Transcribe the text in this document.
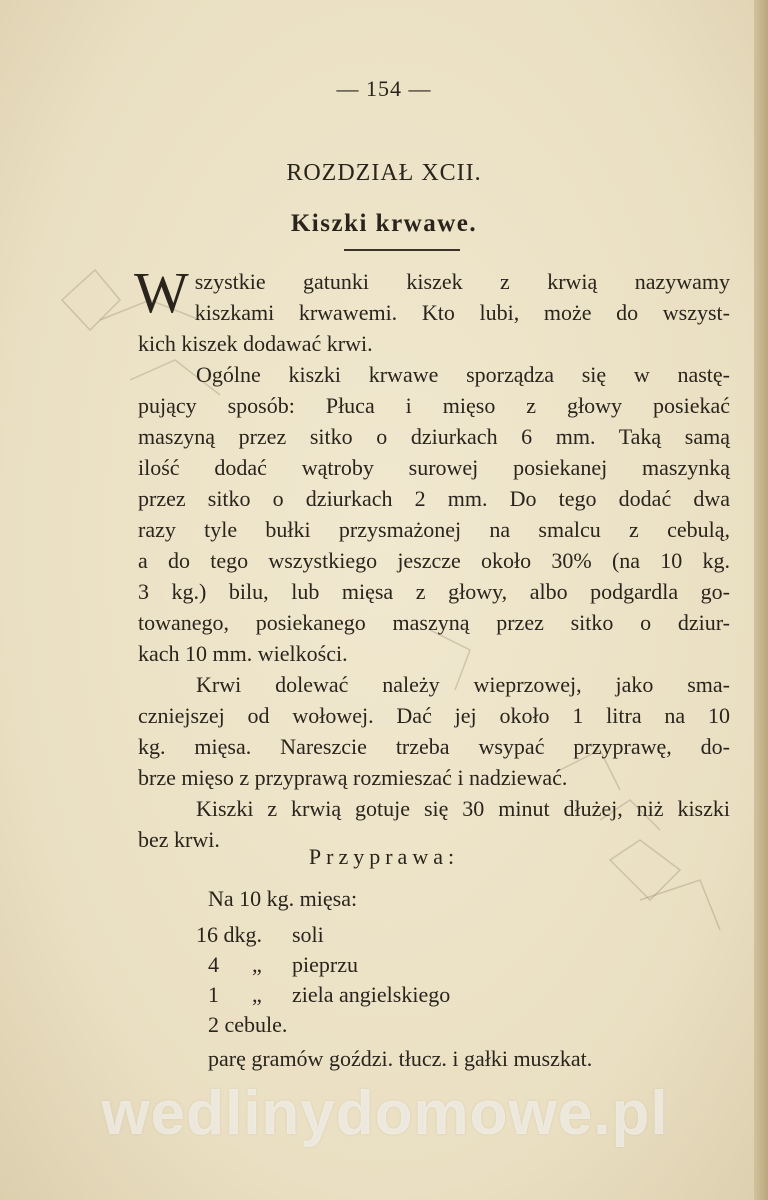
— 154 —
ROZDZIAŁ XCII.
Kiszki krwawe.
W szystkie gatunki kiszek z krwią nazywamy
kiszkami krwawemi. Kto lubi, może do wszyst-
kich kiszek dodawać krwi.
Ogólne kiszki krwawe sporządza się w nastę-
pujący sposób: Płuca i mięso z głowy posiekać
maszyną przez sitko o dziurkach 6 mm. Taką samą
ilość dodać wątroby surowej posiekanej maszynką
przez sitko o dziurkach 2 mm. Do tego dodać dwa
razy tyle bułki przysmażonej na smalcu z cebulą,
a do tego wszystkiego jeszcze około 30% (na 10 kg.
3 kg.) bilu, lub mięsa z głowy, albo podgardla go-
towanego, posiekanego maszyną przez sitko o dziur-
kach 10 mm. wielkości.
Krwi dolewać należy wieprzowej, jako sma-
czniejszej od wołowej. Dać jej około 1 litra na 10
kg. mięsa. Nareszcie trzeba wsypać przyprawę, do-
brze mięso z przyprawą rozmieszać i nadziewać.
Kiszki z krwią gotuje się 30 minut dłużej, niż kiszki
bez krwi.
Przyprawa:
Na 10 kg. mięsa:
16 dkg. soli
4 „ pieprzu
1 „ ziela angielskiego
2 cebule.
parę gramów goździ. tłucz. i gałki muszkat.
wedlinydomowe.pl
